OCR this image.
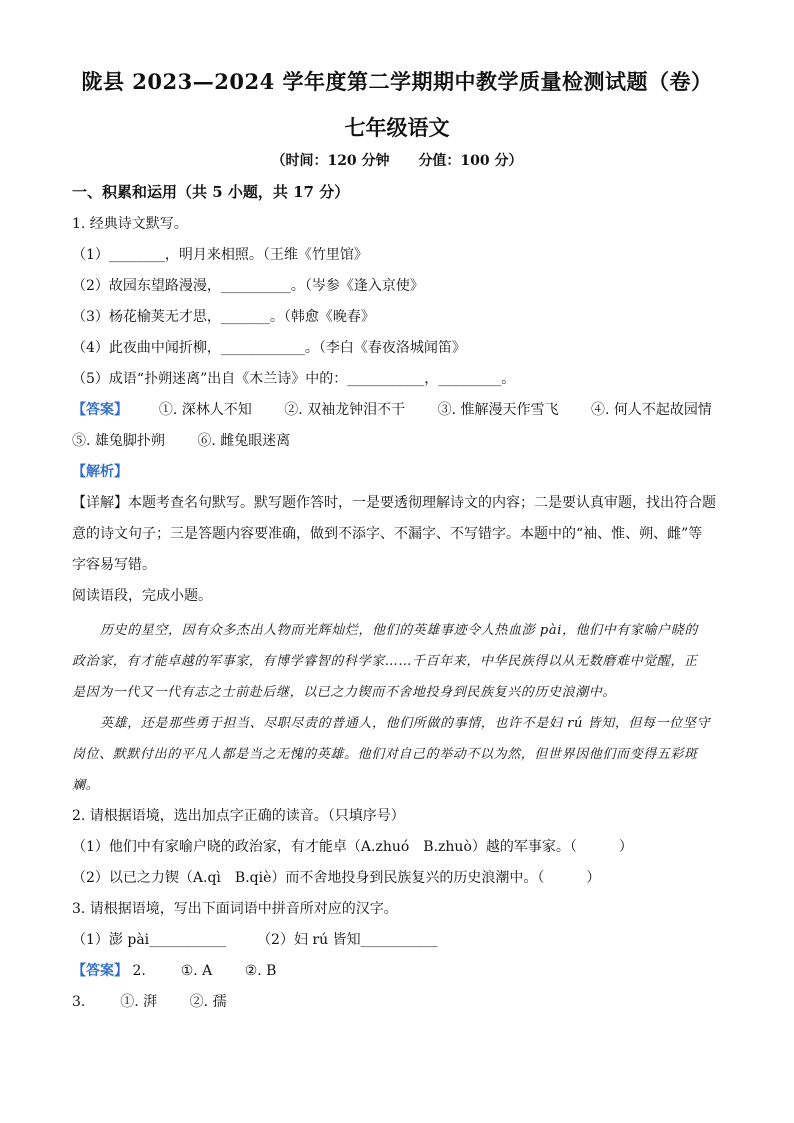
陇县 2023—2024 学年度第二学期期中教学质量检测试题（卷）
七年级语文
（时间：120 分钟 分值：100 分）
一、积累和运用（共 5 小题，共 17 分）
1. 经典诗文默写。
（1）________，明月来相照。（王维《竹里馆》
（2）故园东望路漫漫，__________。（岑参《逢入京使》
（3）杨花榆荚无才思，_______。（韩愈《晚春》
（4）此夜曲中闻折柳，____________。（李白《春夜洛城闻笛》
（5）成语“扑朔迷离”出自《木兰诗》中的：___________，_________。
【答案】 ①. 深林人不知 ②. 双袖龙钟泪不干 ③. 惟解漫天作雪飞 ④. 何人不起故园情
⑤. 雄兔脚扑朔 ⑥. 雌兔眼迷离
【解析】
【详解】本题考查名句默写。默写题作答时，一是要透彻理解诗文的内容；二是要认真审题，找出符合题
意的诗文句子；三是答题内容要准确，做到不添字、不漏字、不写错字。本题中的“袖、惟、朔、雌”等
字容易写错。
阅读语段，完成小题。
历史的星空，因有众多杰出人物而光辉灿烂，他们的英雄事迹令人热血澎 pài，他们中有家喻户晓的
政治家，有才能卓越的军事家，有博学睿智的科学家……千百年来，中华民族得以从无数磨难中觉醒，正
是因为一代又一代有志之士前赴后继，以已之力锲而不舍地投身到民族复兴的历史浪潮中。
英雄，还是那些勇于担当、尽职尽责的普通人，他们所做的事情，也许不是妇 rú 皆知，但每一位坚守
岗位、默默付出的平凡人都是当之无愧的英雄。他们对自己的举动不以为然，但世界因他们而变得五彩斑
斓。
2. 请根据语境，选出加点字正确的读音。（只填序号）
（1）他们中有家喻户晓的政治家，有才能卓（A.zhuó　B.zhuò）越的军事家。（　　　）
（2）以已之力锲（A.qì　B.qiè）而不舍地投身到民族复兴的历史浪潮中。（　　　）
3. 请根据语境，写出下面词语中拼音所对应的汉字。
（1）澎 pài___________ （2）妇 rú 皆知___________
【答案】 2. ①. A ②. B
3. ①. 湃 ②. 孺
